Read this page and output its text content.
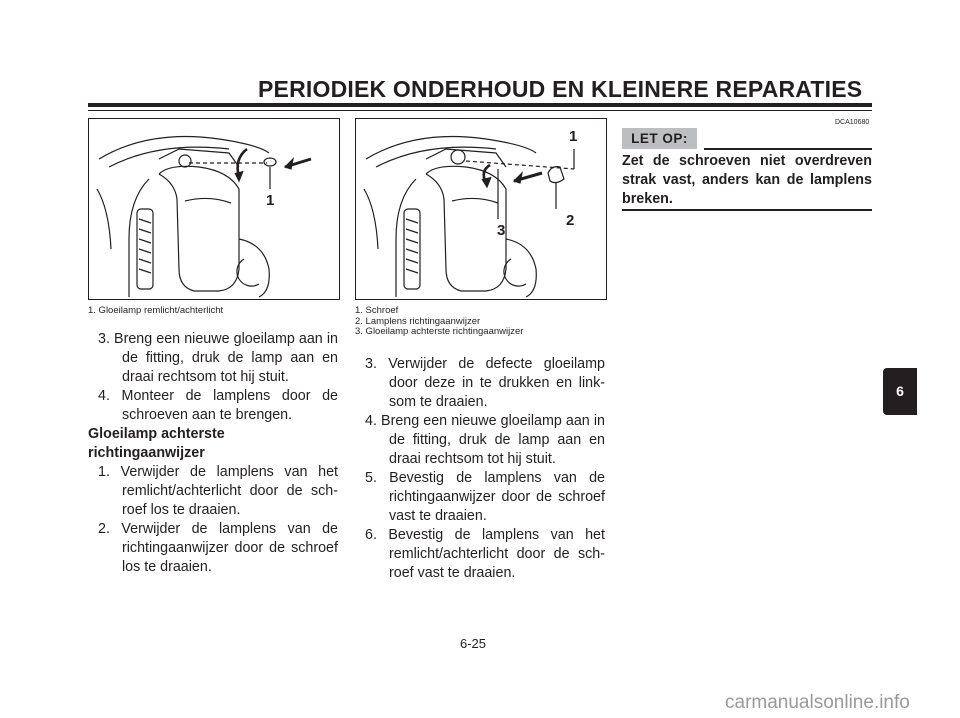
PERIODIEK ONDERHOUD EN KLEINERE REPARATIES
1
1
2
3
1. Gloeilamp remlicht/achterlicht	1. Schroef
2. Lamplens richtingaanwijzer
3. Gloeilamp achterste richtingaanwijzer
3. Breng een nieuwe gloeilamp aan in de fitting, druk de lamp aan en draai rechtsom tot hij stuit.
4. Monteer de lamplens door de schroeven aan te brengen.
Gloeilamp achterste richtingaanwijzer
1. Verwijder de lamplens van het remlicht/achterlicht door de sch-roef los te draaien.
2. Verwijder de lamplens van de richtingaanwijzer door de schroef los te draaien.
3. Verwijder de defecte gloeilamp door deze in te drukken en link-som te draaien.
4. Breng een nieuwe gloeilamp aan in de fitting, druk de lamp aan en draai rechtsom tot hij stuit.
5. Bevestig de lamplens van de richtingaanwijzer door de schroef vast te draaien.
6. Bevestig de lamplens van het remlicht/achterlicht door de sch-roef vast te draaien.
DCA10680
LET OP:
Zet de schroeven niet overdreven strak vast, anders kan de lamplens breken.
6
6-25
carmanualsonline.info
